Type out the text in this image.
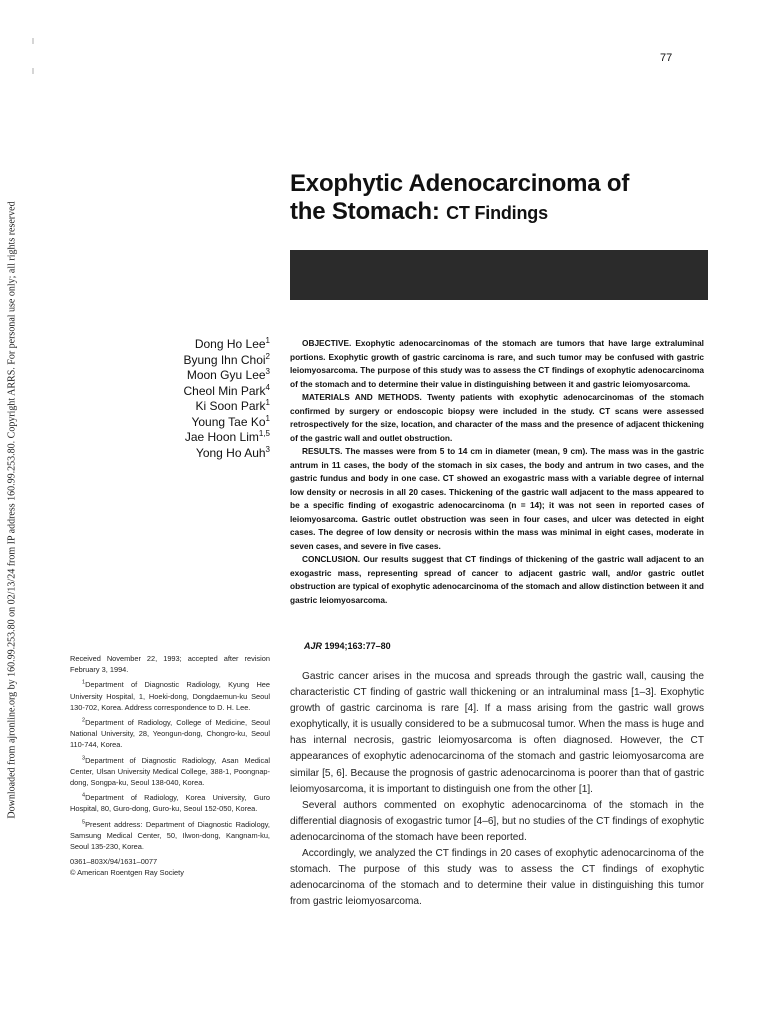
77
Downloaded from ajronline.org by 160.99.253.80 on 02/13/24 from IP address 160.99.253.80. Copyright ARRS. For personal use only; all rights reserved
Exophytic Adenocarcinoma of
the Stomach: CT Findings
Dong Ho Lee$^1$
Byung Ihn Choi$^2$
Moon Gyu Lee$^3$
Cheol Min Park$^4$
Ki Soon Park$^1$
Young Tae Ko$^1$
Jae Hoon Lim$^{1,5}$
Yong Ho Auh$^3$

OBJECTIVE. Exophytic adenocarcinomas of the stomach are tumors that have large extraluminal portions. Exophytic growth of gastric carcinoma is rare, and such tumor may be confused with gastric leiomyosarcoma. The purpose of this study was to assess the CT findings of exophytic adenocarcinoma of the stomach and to determine their value in distinguishing between it and gastric leiomyosarcoma.

MATERIALS AND METHODS. Twenty patients with exophytic adenocarcinomas of the stomach confirmed by surgery or endoscopic biopsy were included in the study. CT scans were assessed retrospectively for the size, location, and character of the mass and the presence of adjacent thickening of the gastric wall and outlet obstruction.

RESULTS. The masses were from 5 to 14 cm in diameter (mean, 9 cm). The mass was in the gastric antrum in 11 cases, the body of the stomach in six cases, the body and antrum in two cases, and the gastric fundus and body in one case. CT showed an exogastric mass with a variable degree of internal low density or necrosis in all 20 cases. Thickening of the gastric wall adjacent to the mass appeared to be a specific finding of exogastric adenocarcinoma (n = 14); it was not seen in reported cases of leiomyosarcoma. Gastric outlet obstruction was seen in four cases, and ulcer was detected in eight cases. The degree of low density or necrosis within the mass was minimal in eight cases, moderate in seven cases, and severe in five cases.

CONCLUSION. Our results suggest that CT findings of thickening of the gastric wall adjacent to an exogastric mass, representing spread of cancer to adjacent gastric wall, and/or gastric outlet obstruction are typical of exophytic adenocarcinoma of the stomach and allow distinction between it and gastric leiomyosarcoma.

AJR 1994;163:77–80

Received November 22, 1993; accepted after revision February 3, 1994.

$^1$Department of Diagnostic Radiology, Kyung Hee University Hospital, 1, Hoeki-dong, Dongdaemun-ku Seoul 130-702, Korea. Address correspondence to D. H. Lee.

$^2$Department of Radiology, College of Medicine, Seoul National University, 28, Yeongun-dong, Chongro-ku, Seoul 110-744, Korea.

$^3$Department of Diagnostic Radiology, Asan Medical Center, Ulsan University Medical College, 388-1, Poongnap-dong, Songpa-ku, Seoul 138-040, Korea.

$^4$Department of Radiology, Korea University, Guro Hospital, 80, Guro-dong, Guro-ku, Seoul 152-050, Korea.

$^5$Present address: Department of Diagnostic Radiology, Samsung Medical Center, 50, Ilwon-dong, Kangnam-ku, Seoul 135-230, Korea.

0361–803X/94/1631–0077

© American Roentgen Ray Society

Gastric cancer arises in the mucosa and spreads through the gastric wall, causing the characteristic CT finding of gastric wall thickening or an intraluminal mass [1–3]. Exophytic growth of gastric carcinoma is rare [4]. If a mass arising from the gastric wall grows exophytically, it is usually considered to be a submucosal tumor. When the mass is huge and has internal necrosis, gastric leiomyosarcoma is often diagnosed. However, the CT appearances of exophytic adenocarcinoma of the stomach and gastric leiomyosarcoma are similar [5, 6]. Because the prognosis of gastric adenocarcinoma is poorer than that of gastric leiomyosarcoma, it is important to distinguish one from the other [1].

Several authors commented on exophytic adenocarcinoma of the stomach in the differential diagnosis of exogastric tumor [4–6], but no studies of the CT findings of exophytic adenocarcinoma of the stomach have been reported.

Accordingly, we analyzed the CT findings in 20 cases of exophytic adenocarcinoma of the stomach. The purpose of this study was to assess the CT findings of exophytic adenocarcinoma of the stomach and to determine their value in distinguishing this tumor from gastric leiomyosarcoma.
